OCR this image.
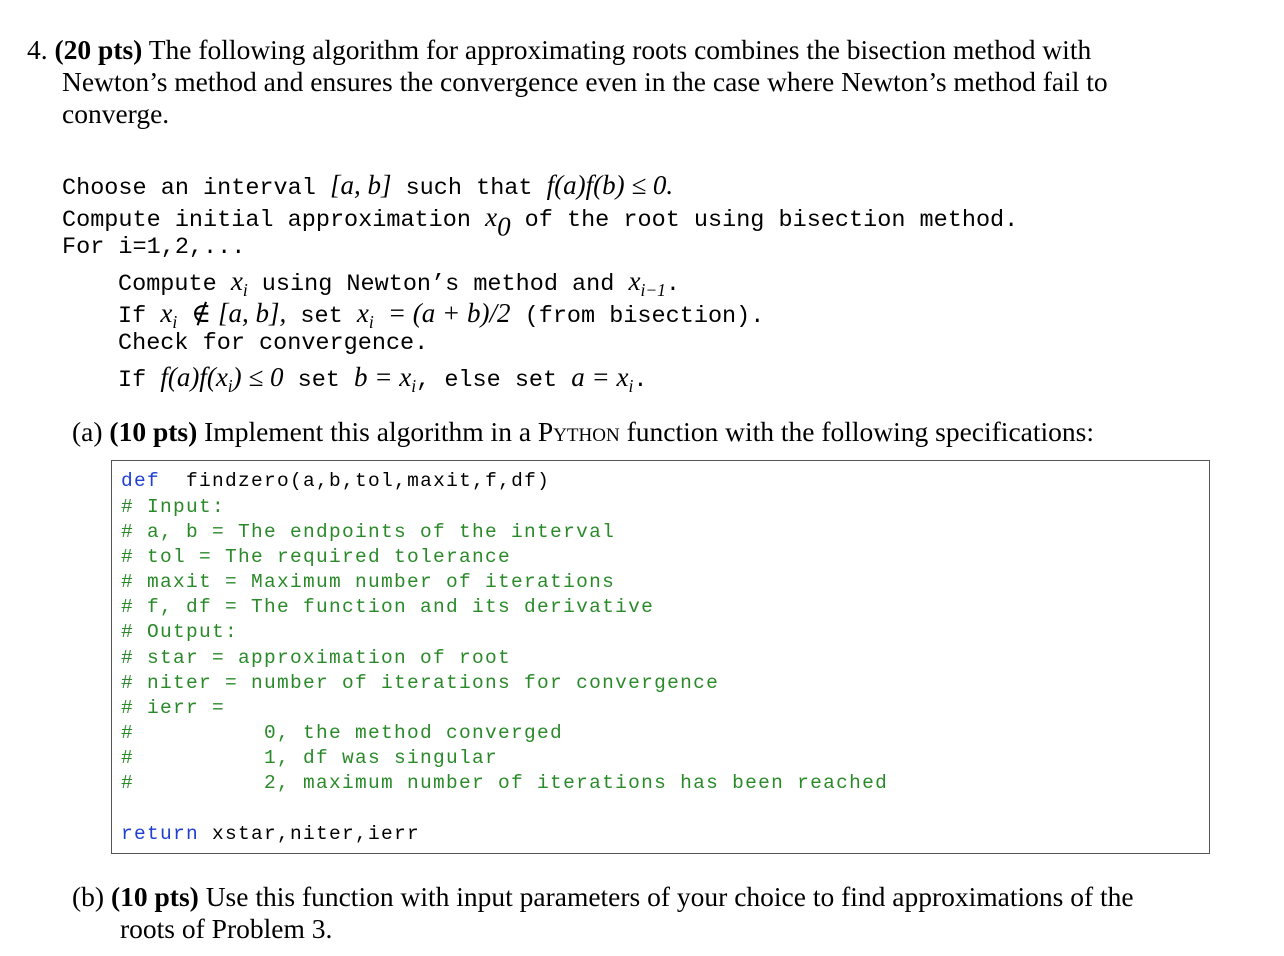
4. (20 pts) The following algorithm for approximating roots combines the bisection method with
Newton’s method and ensures the convergence even in the case where Newton’s method fail to
converge.
Choose an interval [a, b] such that f(a)f(b) ≤ 0.
Compute initial approximation $x_0$ of the root using bisection method.
For i=1,2,...
Compute $x_i$ using Newton’s method and $x_{i-1}$.
If $x_i$ ∉ [a, b], set $x_i = (a + b)/2$ (from bisection).
Check for convergence.
If $f(a)f(x_i) \le 0$ set $b = x_i$, else set $a = x_i$.
(a) (10 pts) Implement this algorithm in a Python function with the following specifications:
def findzero(a,b,tol,maxit,f,df)
# Input:
# a, b = The endpoints of the interval
# tol = The required tolerance
# maxit = Maximum number of iterations
# f, df = The function and its derivative
# Output:
# star = approximation of root
# niter = number of iterations for convergence
# ierr =
#          0, the method converged
#          1, df was singular
#          2, maximum number of iterations has been reached
return xstar,niter,ierr
(b) (10 pts) Use this function with input parameters of your choice to find approximations of the
roots of Problem 3.
